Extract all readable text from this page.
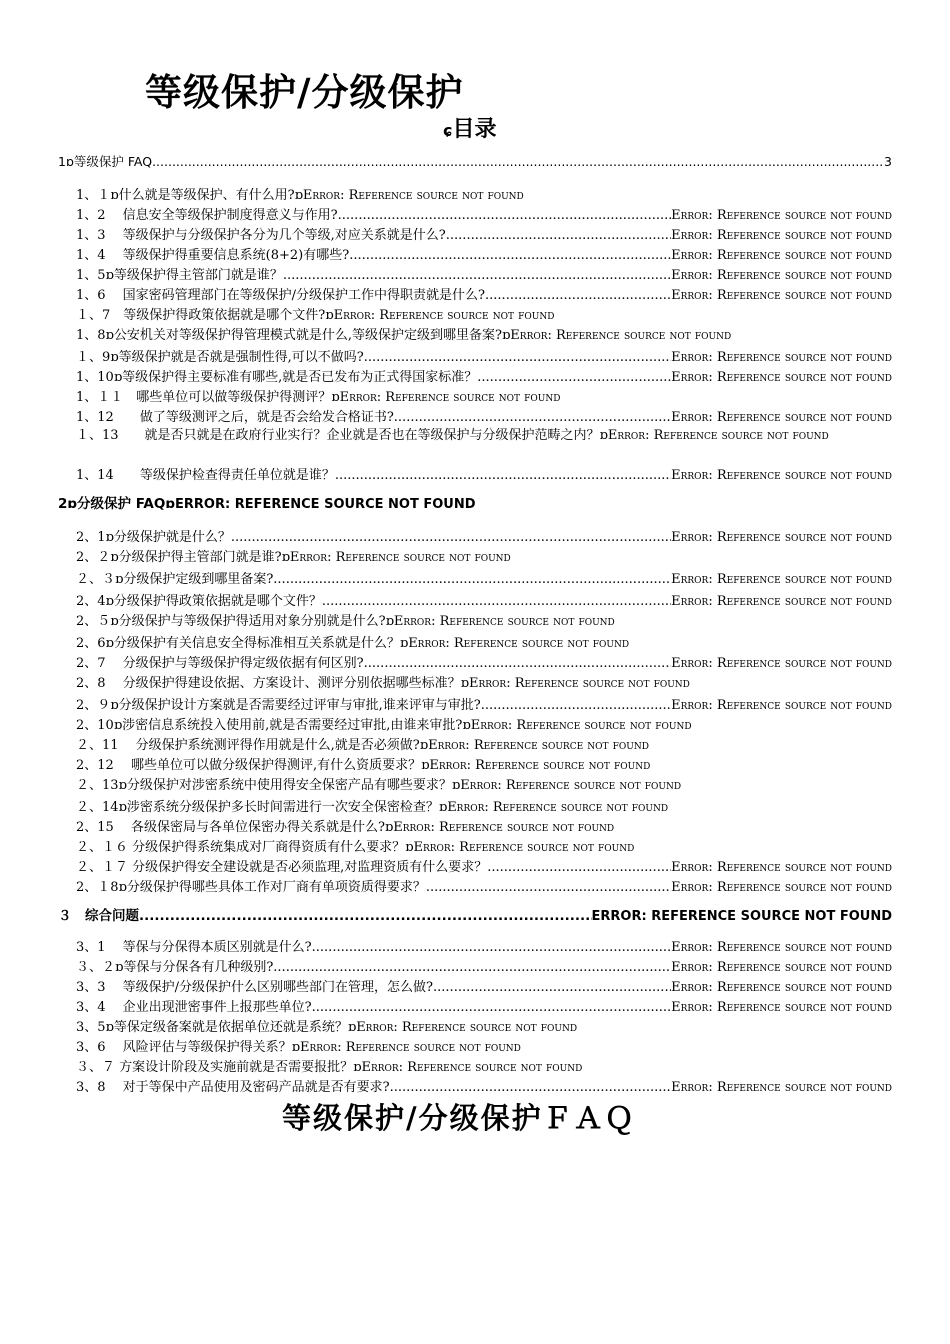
等级保护/分级保护
ɕ目录
1ɒ等级保护 FAQ .....	3
1、１ɒ什么就是等级保护、有什么用?ɒ Error: Reference source not found
1、2　 信息安全等级保护制度得意义与作用? .....	Error: Reference source not found
1、3　 等级保护与分级保护各分为几个等级,对应关系就是什么? .....	Error: Reference source not found
1、4　 等级保护得重要信息系统(8+2)有哪些? .....	Error: Reference source not found
1、5ɒ等级保护得主管部门就是谁？ .....	Error: Reference source not found
1、6　 国家密码管理部门在等级保护/分级保护工作中得职责就是什么? .....	Error: Reference source not found
１、7　等级保护得政策依据就是哪个文件?ɒ Error: Reference source not found
1、8ɒ公安机关对等级保护得管理模式就是什么,等级保护定级到哪里备案?ɒ Error: Reference source not found
１、9ɒ等级保护就是否就是强制性得,可以不做吗? .....	Error: Reference source not found
1、10ɒ等级保护得主要标准有哪些,就是否已发布为正式得国家标准？ .....	Error: Reference source not found
1、１１　哪些单位可以做等级保护得测评？ɒ Error: Reference source not found
1、12　　做了等级测评之后，就是否会给发合格证书? .....	Error: Reference source not found
１、13　　就是否只就是在政府行业实行？企业就是否也在等级保护与分级保护范畴之内？ɒError: Reference source not found
1、14　　等级保护检查得责任单位就是谁？ .....	Error: Reference source not found
2ɒ分级保护 FAQɒ ERROR: REFERENCE SOURCE NOT FOUND
2、1ɒ分级保护就是什么？ .....	Error: Reference source not found
2、２ɒ分级保护得主管部门就是谁?ɒ Error: Reference source not found
２、３ɒ分级保护定级到哪里备案? .....	Error: Reference source not found
2、4ɒ分级保护得政策依据就是哪个文件？ .....	Error: Reference source not found
2、５ɒ分级保护与等级保护得适用对象分别就是什么?ɒ Error: Reference source not found
2、6ɒ分级保护有关信息安全得标准相互关系就是什么？ɒ Error: Reference source not found
2、7　 分级保护与等级保护得定级依据有何区别? .....	Error: Reference source not found
2、8　 分级保护得建设依据、方案设计、测评分别依据哪些标准？ɒ Error: Reference source not found
2、９ɒ分级保护设计方案就是否需要经过评审与审批,谁来评审与审批? .....	Error: Reference source not found
2、10ɒ涉密信息系统投入使用前,就是否需要经过审批,由谁来审批?ɒ Error: Reference source not found
２、11　 分级保护系统测评得作用就是什么,就是否必须做?ɒ Error: Reference source not found
2、12　 哪些单位可以做分级保护得测评,有什么资质要求？ɒ Error: Reference source not found
２、13ɒ分级保护对涉密系统中使用得安全保密产品有哪些要求？ɒ Error: Reference source not found
２、14ɒ涉密系统分级保护多长时间需进行一次安全保密检查？ɒ Error: Reference source not found
2、15　 各级保密局与各单位保密办得关系就是什么?ɒ Error: Reference source not found
２、１６ 分级保护得系统集成对厂商得资质有什么要求？ɒ Error: Reference source not found
２、１７ 分级保护得安全建设就是否必须监理,对监理资质有什么要求？ .....	Error: Reference source not found
2、１8ɒ分级保护得哪些具体工作对厂商有单项资质得要求？ .....	Error: Reference source not found
３　综合问题 .....	ERROR: REFERENCE SOURCE NOT FOUND
3、1　 等保与分保得本质区别就是什么? .....	Error: Reference source not found
３、２ɒ等保与分保各有几种级别? .....	Error: Reference source not found
3、3　 等级保护/分级保护什么区别哪些部门在管理，怎么做? .....	Error: Reference source not found
3、4　 企业出现泄密事件上报那些单位? .....	Error: Reference source not found
3、5ɒ等保定级备案就是依据单位还就是系统？ɒ Error: Reference source not found
3、6　 风险评估与等级保护得关系？ɒ Error: Reference source not found
３、７ 方案设计阶段及实施前就是否需要报批？ɒ Error: Reference source not found
3、8　 对于等保中产品使用及密码产品就是否有要求? .....	Error: Reference source not found
等级保护/分级保护ＦＡＱ
